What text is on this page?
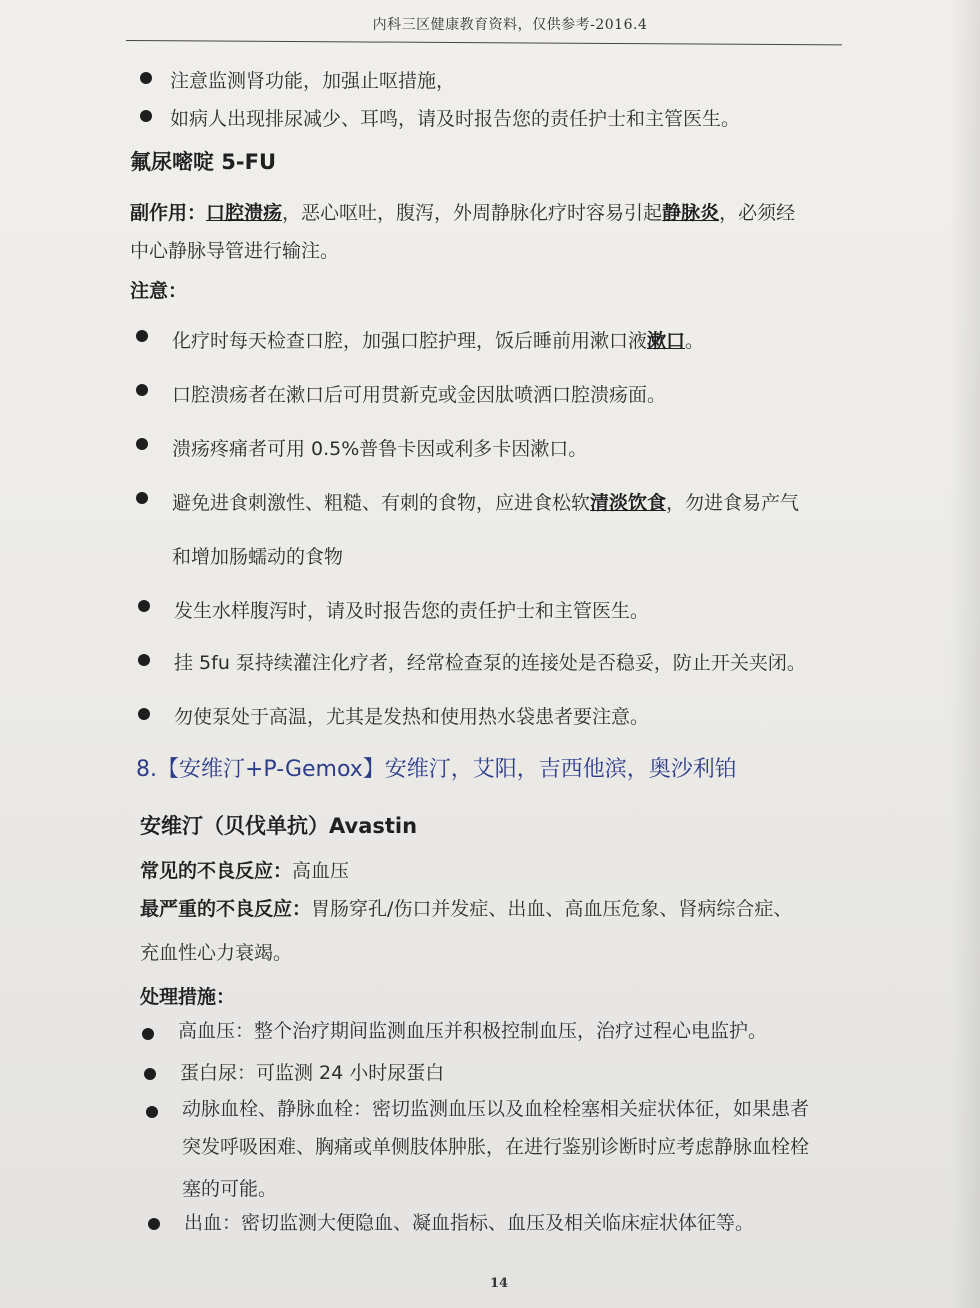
内科三区健康教育资料，仅供参考-2016.4
注意监测肾功能，加强止呕措施，
如病人出现排尿减少、耳鸣，请及时报告您的责任护士和主管医生。
氟尿嘧啶 5-FU
副作用：口腔溃疡，恶心呕吐，腹泻，外周静脉化疗时容易引起静脉炎，必须经
中心静脉导管进行输注。
注意：
化疗时每天检查口腔，加强口腔护理，饭后睡前用漱口液漱口。
口腔溃疡者在漱口后可用贯新克或金因肽喷洒口腔溃疡面。
溃疡疼痛者可用 0.5%普鲁卡因或利多卡因漱口。
避免进食刺激性、粗糙、有刺的食物，应进食松软清淡饮食，勿进食易产气
和增加肠蠕动的食物
发生水样腹泻时，请及时报告您的责任护士和主管医生。
挂 5fu 泵持续灌注化疗者，经常检查泵的连接处是否稳妥，防止开关夹闭。
勿使泵处于高温，尤其是发热和使用热水袋患者要注意。
8.【安维汀+P-Gemox】安维汀，艾阳，吉西他滨，奥沙利铂
安维汀（贝伐单抗）Avastin
常见的不良反应：高血压
最严重的不良反应：胃肠穿孔/伤口并发症、出血、高血压危象、肾病综合症、
充血性心力衰竭。
处理措施：
高血压：整个治疗期间监测血压并积极控制血压，治疗过程心电监护。
蛋白尿：可监测 24 小时尿蛋白
动脉血栓、静脉血栓：密切监测血压以及血栓栓塞相关症状体征，如果患者
突发呼吸困难、胸痛或单侧肢体肿胀，在进行鉴别诊断时应考虑静脉血栓栓
塞的可能。
出血：密切监测大便隐血、凝血指标、血压及相关临床症状体征等。
14
